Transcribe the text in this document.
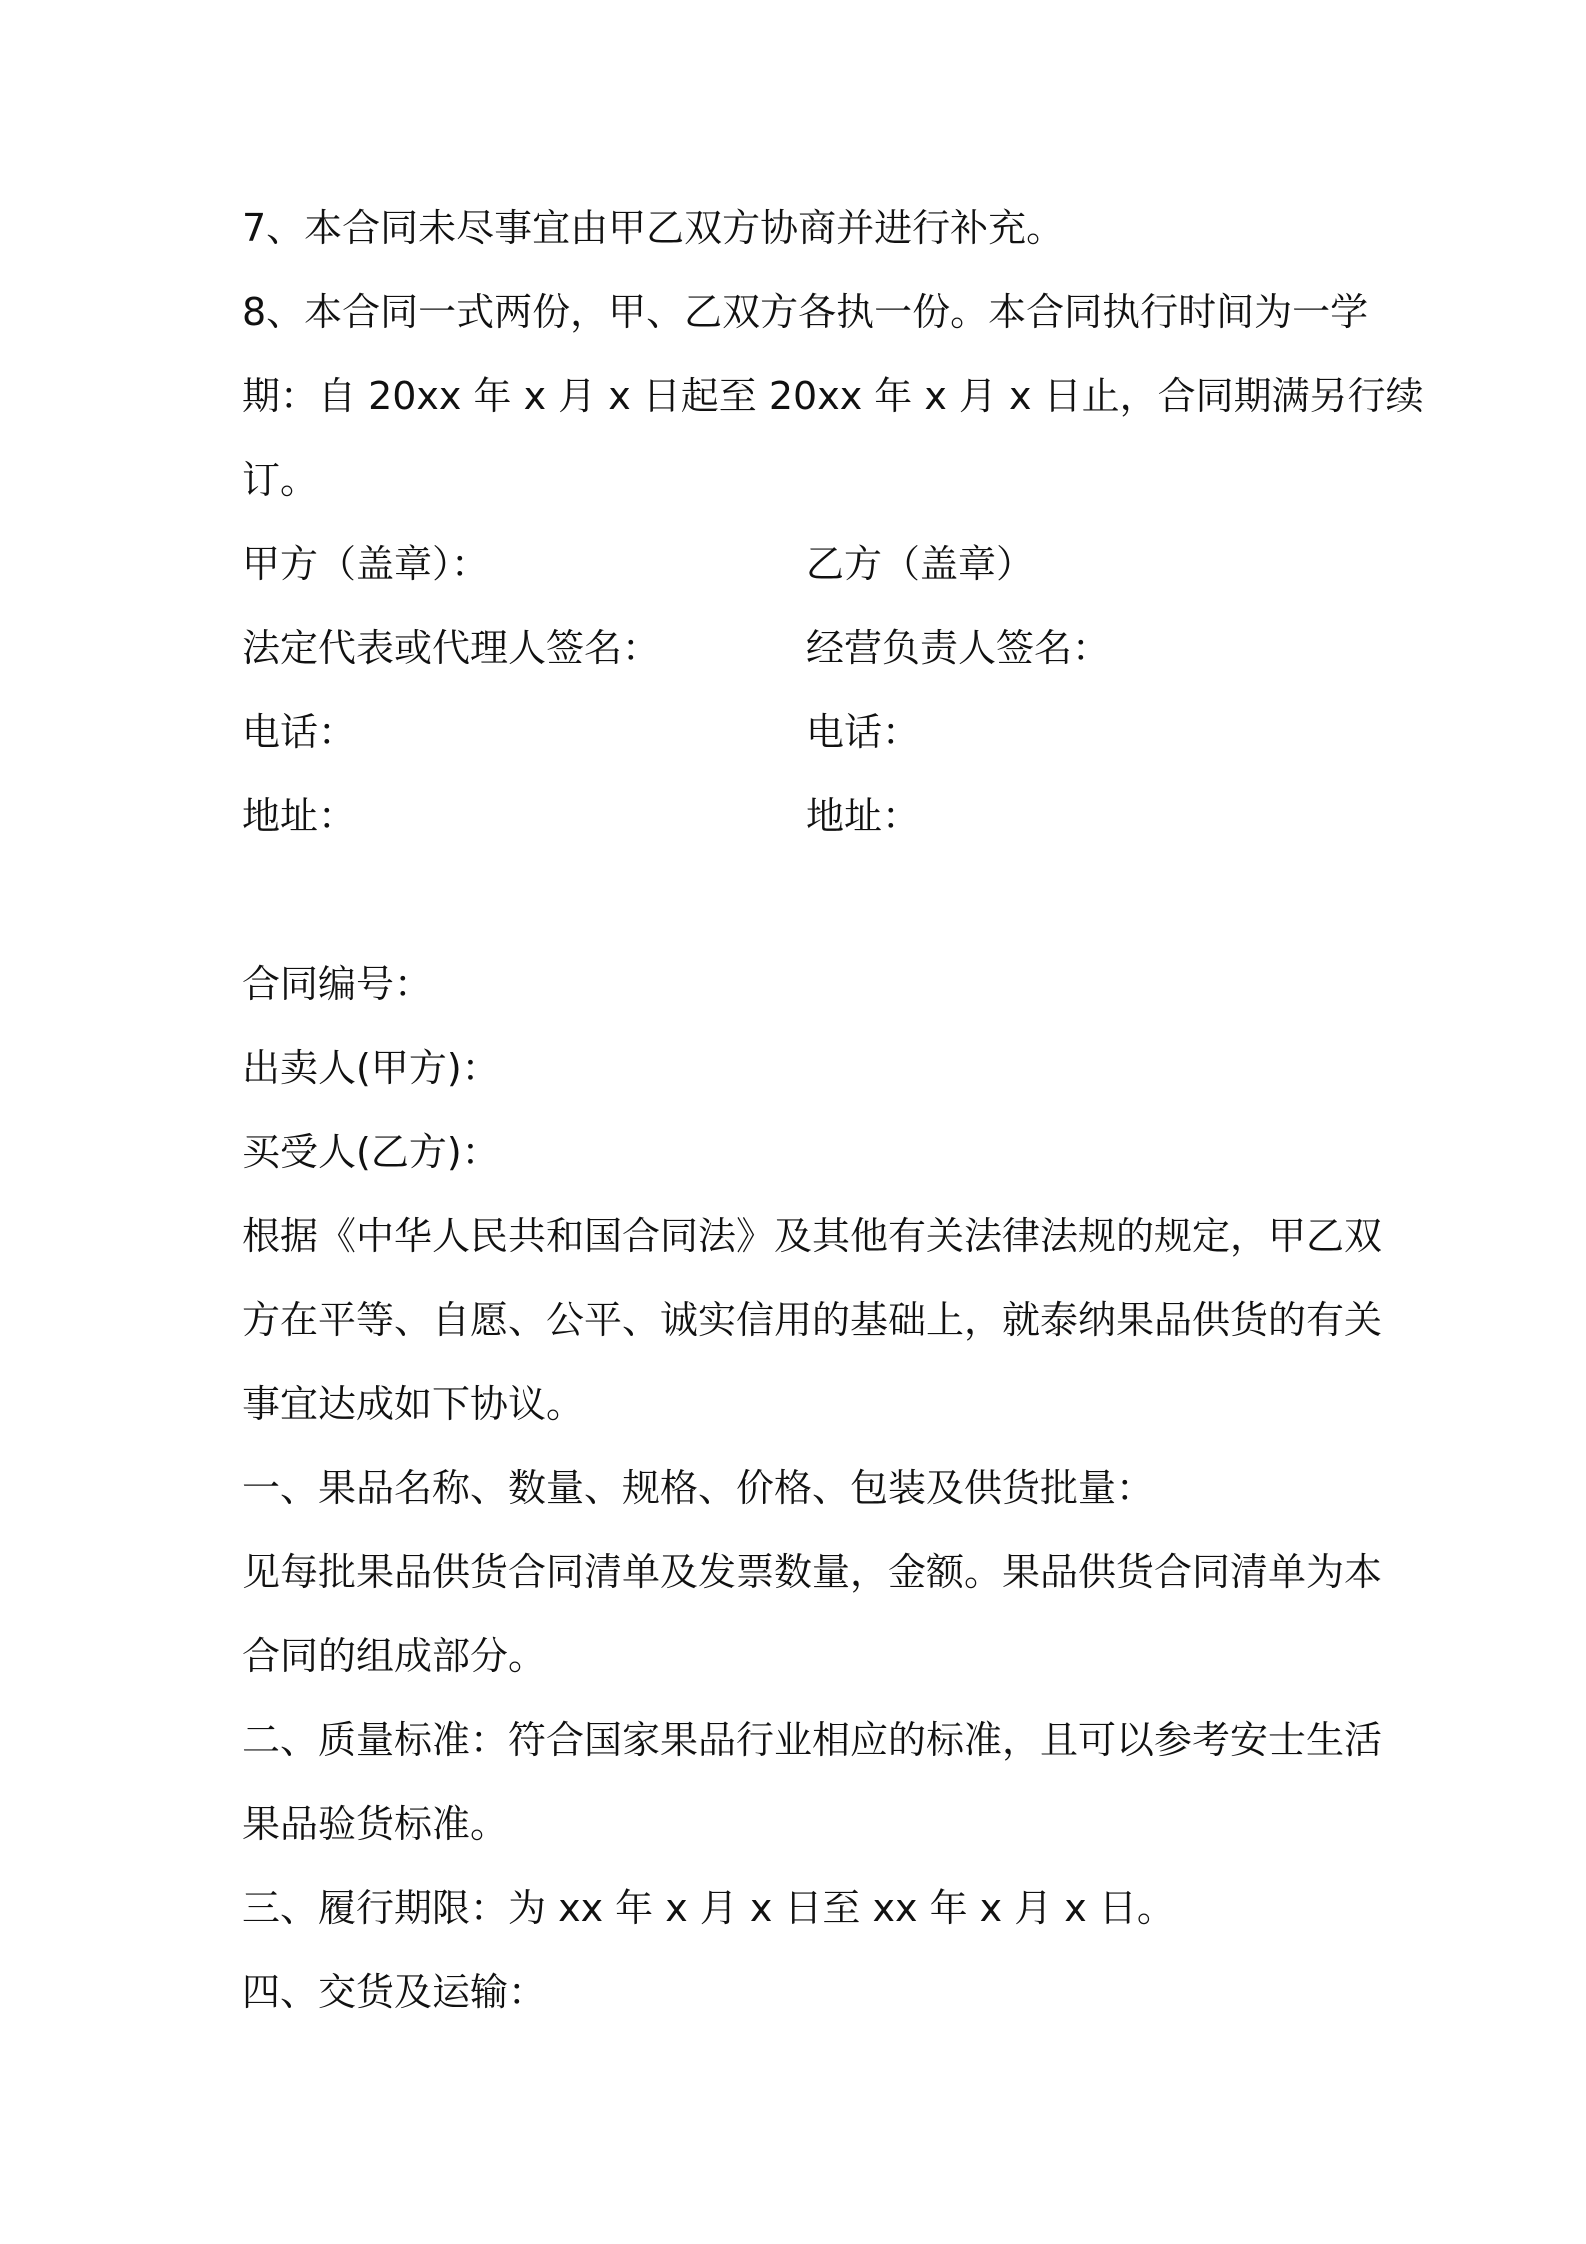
7、本合同未尽事宜由甲乙双方协商并进行补充。
8、本合同一式两份，甲、乙双方各执一份。本合同执行时间为一学
期：自 20xx 年 x 月 x 日起至 20xx 年 x 月 x 日止，合同期满另行续
订。
甲方（盖章）：	乙方（盖章）
法定代表或代理人签名：	经营负责人签名：
电话：	电话：
地址：	地址：
合同编号：
出卖人(甲方)：
买受人(乙方)：
根据《中华人民共和国合同法》及其他有关法律法规的规定，甲乙双
方在平等、自愿、公平、诚实信用的基础上，就泰纳果品供货的有关
事宜达成如下协议。
一、果品名称、数量、规格、价格、包装及供货批量：
见每批果品供货合同清单及发票数量，金额。果品供货合同清单为本
合同的组成部分。
二、质量标准：符合国家果品行业相应的标准，且可以参考安士生活
果品验货标准。
三、履行期限：为 xx 年 x 月 x 日至 xx 年 x 月 x 日。
四、交货及运输：
